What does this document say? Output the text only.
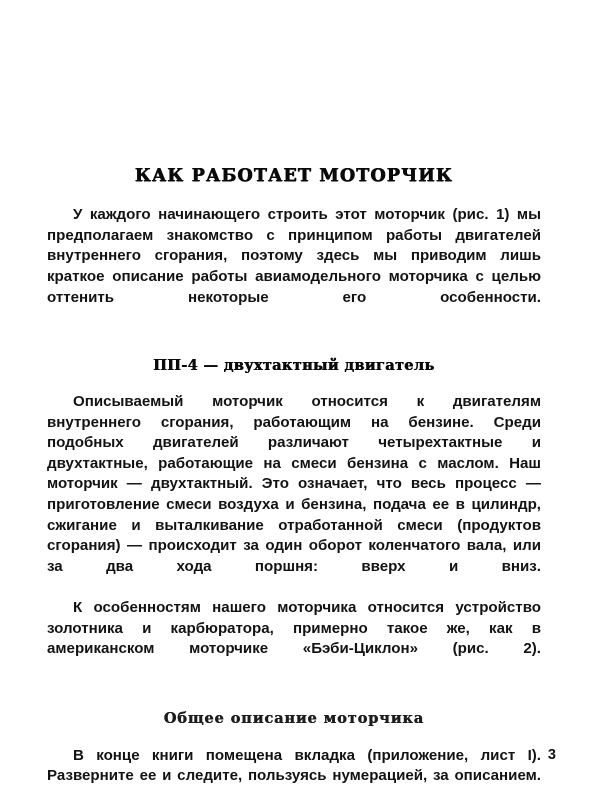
КАК РАБОТАЕТ МОТОРЧИК

У каждого начинающего строить этот моторчик (рис. 1) мы предполагаем знакомство с принципом работы двигателей внутреннего сгорания, поэтому здесь мы приводим лишь краткое описание работы авиамодельного моторчика с целью оттенить некоторые его особенности.

ПП-4 — двухтактный двигатель

Описываемый моторчик относится к двигателям внутреннего сгорания, работающим на бензине. Среди подобных двигателей различают четырехтактные и двухтактные, работающие на смеси бензина с маслом. Наш моторчик — двухтактный. Это означает, что весь процесс — приготовление смеси воздуха и бензина, подача ее в цилиндр, сжигание и выталкивание отработанной смеси (продуктов сгорания) — происходит за один оборот коленчатого вала, или за два хода поршня: вверх и вниз.

К особенностям нашего моторчика относится устройство золотника и карбюратора, примерно такое же, как в американском моторчике «Бэби-Циклон» (рис. 2).

Общее описание моторчика

В конце книги помещена вкладка (приложение, лист I). Разверните ее и следите, пользуясь нумерацией, за описанием.

3
